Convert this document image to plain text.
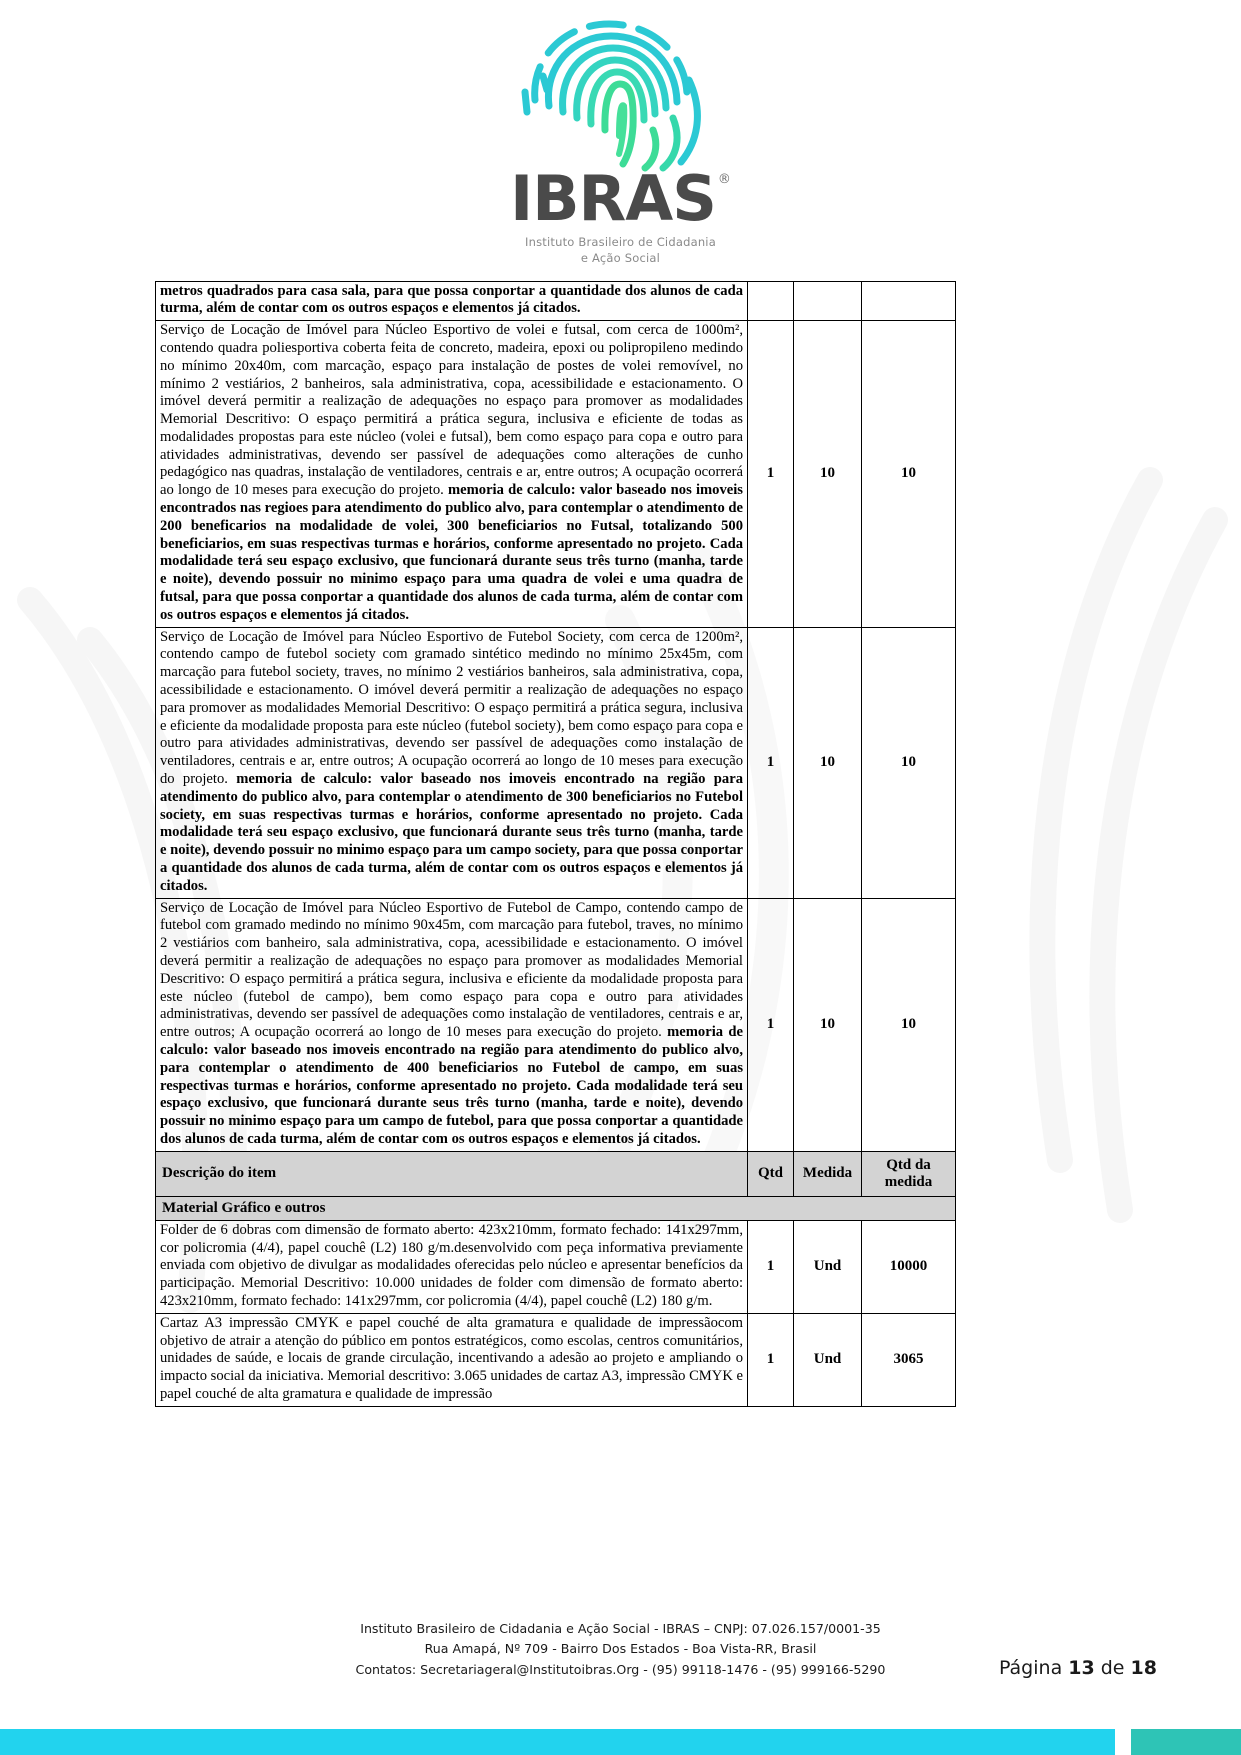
IBRAS ®
Instituto Brasileiro de Cidadania
e Ação Social
metros quadrados para casa sala, para que possa conportar a quantidade dos alunos de cada turma, além de contar com os outros espaços e elementos já citados.			

Serviço de Locação de Imóvel para Núcleo Esportivo de volei e futsal, com cerca de 1000m², contendo quadra poliesportiva coberta feita de concreto, madeira, epoxi ou polipropileno medindo no mínimo 20x40m, com marcação, espaço para instalação de postes de volei removível, no mínimo 2 vestiários, 2 banheiros, sala administrativa, copa, acessibilidade e estacionamento. O imóvel deverá permitir a realização de adequações no espaço para promover as modalidades Memorial Descritivo: O espaço permitirá a prática segura, inclusiva e eficiente de todas as modalidades propostas para este núcleo (volei e futsal), bem como espaço para copa e outro para atividades administrativas, devendo ser passível de adequações como alterações de cunho pedagógico nas quadras, instalação de ventiladores, centrais e ar, entre outros; A ocupação ocorrerá ao longo de 10 meses para execução do projeto. memoria de calculo: valor baseado nos imoveis encontrados nas regioes para atendimento do publico alvo, para contemplar o atendimento de 200 beneficarios na modalidade de volei, 300 beneficiarios no Futsal, totalizando 500 beneficiarios, em suas respectivas turmas e horários, conforme apresentado no projeto. Cada modalidade terá seu espaço exclusivo, que funcionará durante seus três turno (manha, tarde e noite), devendo possuir no minimo espaço para uma quadra de volei e uma quadra de futsal, para que possa conportar a quantidade dos alunos de cada turma, além de contar com os outros espaços e elementos já citados.	1	10	10

Serviço de Locação de Imóvel para Núcleo Esportivo de Futebol Society, com cerca de 1200m², contendo campo de futebol society com gramado sintético medindo no mínimo 25x45m, com marcação para futebol society, traves, no mínimo 2 vestiários banheiros, sala administrativa, copa, acessibilidade e estacionamento. O imóvel deverá permitir a realização de adequações no espaço para promover as modalidades Memorial Descritivo: O espaço permitirá a prática segura, inclusiva e eficiente da modalidade proposta para este núcleo (futebol society), bem como espaço para copa e outro para atividades administrativas, devendo ser passível de adequações como instalação de ventiladores, centrais e ar, entre outros; A ocupação ocorrerá ao longo de 10 meses para execução do projeto. memoria de calculo: valor baseado nos imoveis encontrado na região para atendimento do publico alvo, para contemplar o atendimento de 300 beneficiarios no Futebol society, em suas respectivas turmas e horários, conforme apresentado no projeto. Cada modalidade terá seu espaço exclusivo, que funcionará durante seus três turno (manha, tarde e noite), devendo possuir no minimo espaço para um campo society, para que possa conportar a quantidade dos alunos de cada turma, além de contar com os outros espaços e elementos já citados.	1	10	10

Serviço de Locação de Imóvel para Núcleo Esportivo de Futebol de Campo, contendo campo de futebol com gramado medindo no mínimo 90x45m, com marcação para futebol, traves, no mínimo 2 vestiários com banheiro, sala administrativa, copa, acessibilidade e estacionamento. O imóvel deverá permitir a realização de adequações no espaço para promover as modalidades Memorial Descritivo: O espaço permitirá a prática segura, inclusiva e eficiente da modalidade proposta para este núcleo (futebol de campo), bem como espaço para copa e outro para atividades administrativas, devendo ser passível de adequações como instalação de ventiladores, centrais e ar, entre outros; A ocupação ocorrerá ao longo de 10 meses para execução do projeto. memoria de calculo: valor baseado nos imoveis encontrado na região para atendimento do publico alvo, para contemplar o atendimento de 400 beneficiarios no Futebol de campo, em suas respectivas turmas e horários, conforme apresentado no projeto. Cada modalidade terá seu espaço exclusivo, que funcionará durante seus três turno (manha, tarde e noite), devendo possuir no minimo espaço para um campo de futebol, para que possa conportar a quantidade dos alunos de cada turma, além de contar com os outros espaços e elementos já citados.	1	10	10
Descrição do item	Qtd	Medida	Qtd da medida
Material Gráfico e outros			

Folder de 6 dobras com dimensão de formato aberto: 423x210mm, formato fechado: 141x297mm, cor policromia (4/4), papel couchê (L2) 180 g/m.desenvolvido com peça informativa previamente enviada com objetivo de divulgar as modalidades oferecidas pelo núcleo e apresentar benefícios da participação. Memorial Descritivo: 10.000 unidades de folder com dimensão de formato aberto: 423x210mm, formato fechado: 141x297mm, cor policromia (4/4), papel couchê (L2) 180 g/m.	1	Und	10000

Cartaz A3 impressão CMYK e papel couché de alta gramatura e qualidade de impressãocom objetivo de atrair a atenção do público em pontos estratégicos, como escolas, centros comunitários, unidades de saúde, e locais de grande circulação, incentivando a adesão ao projeto e ampliando o impacto social da iniciativa. Memorial descritivo: 3.065 unidades de cartaz A3, impressão CMYK e papel couché de alta gramatura e qualidade de impressão	1	Und	3065
Instituto Brasileiro de Cidadania e Ação Social - IBRAS – CNPJ: 07.026.157/0001-35
Rua Amapá, Nº 709 - Bairro Dos Estados - Boa Vista-RR, Brasil
Contatos: Secretariageral@Institutoibras.Org - (95) 99118-1476 - (95) 999166-5290	Página 13 de 18
